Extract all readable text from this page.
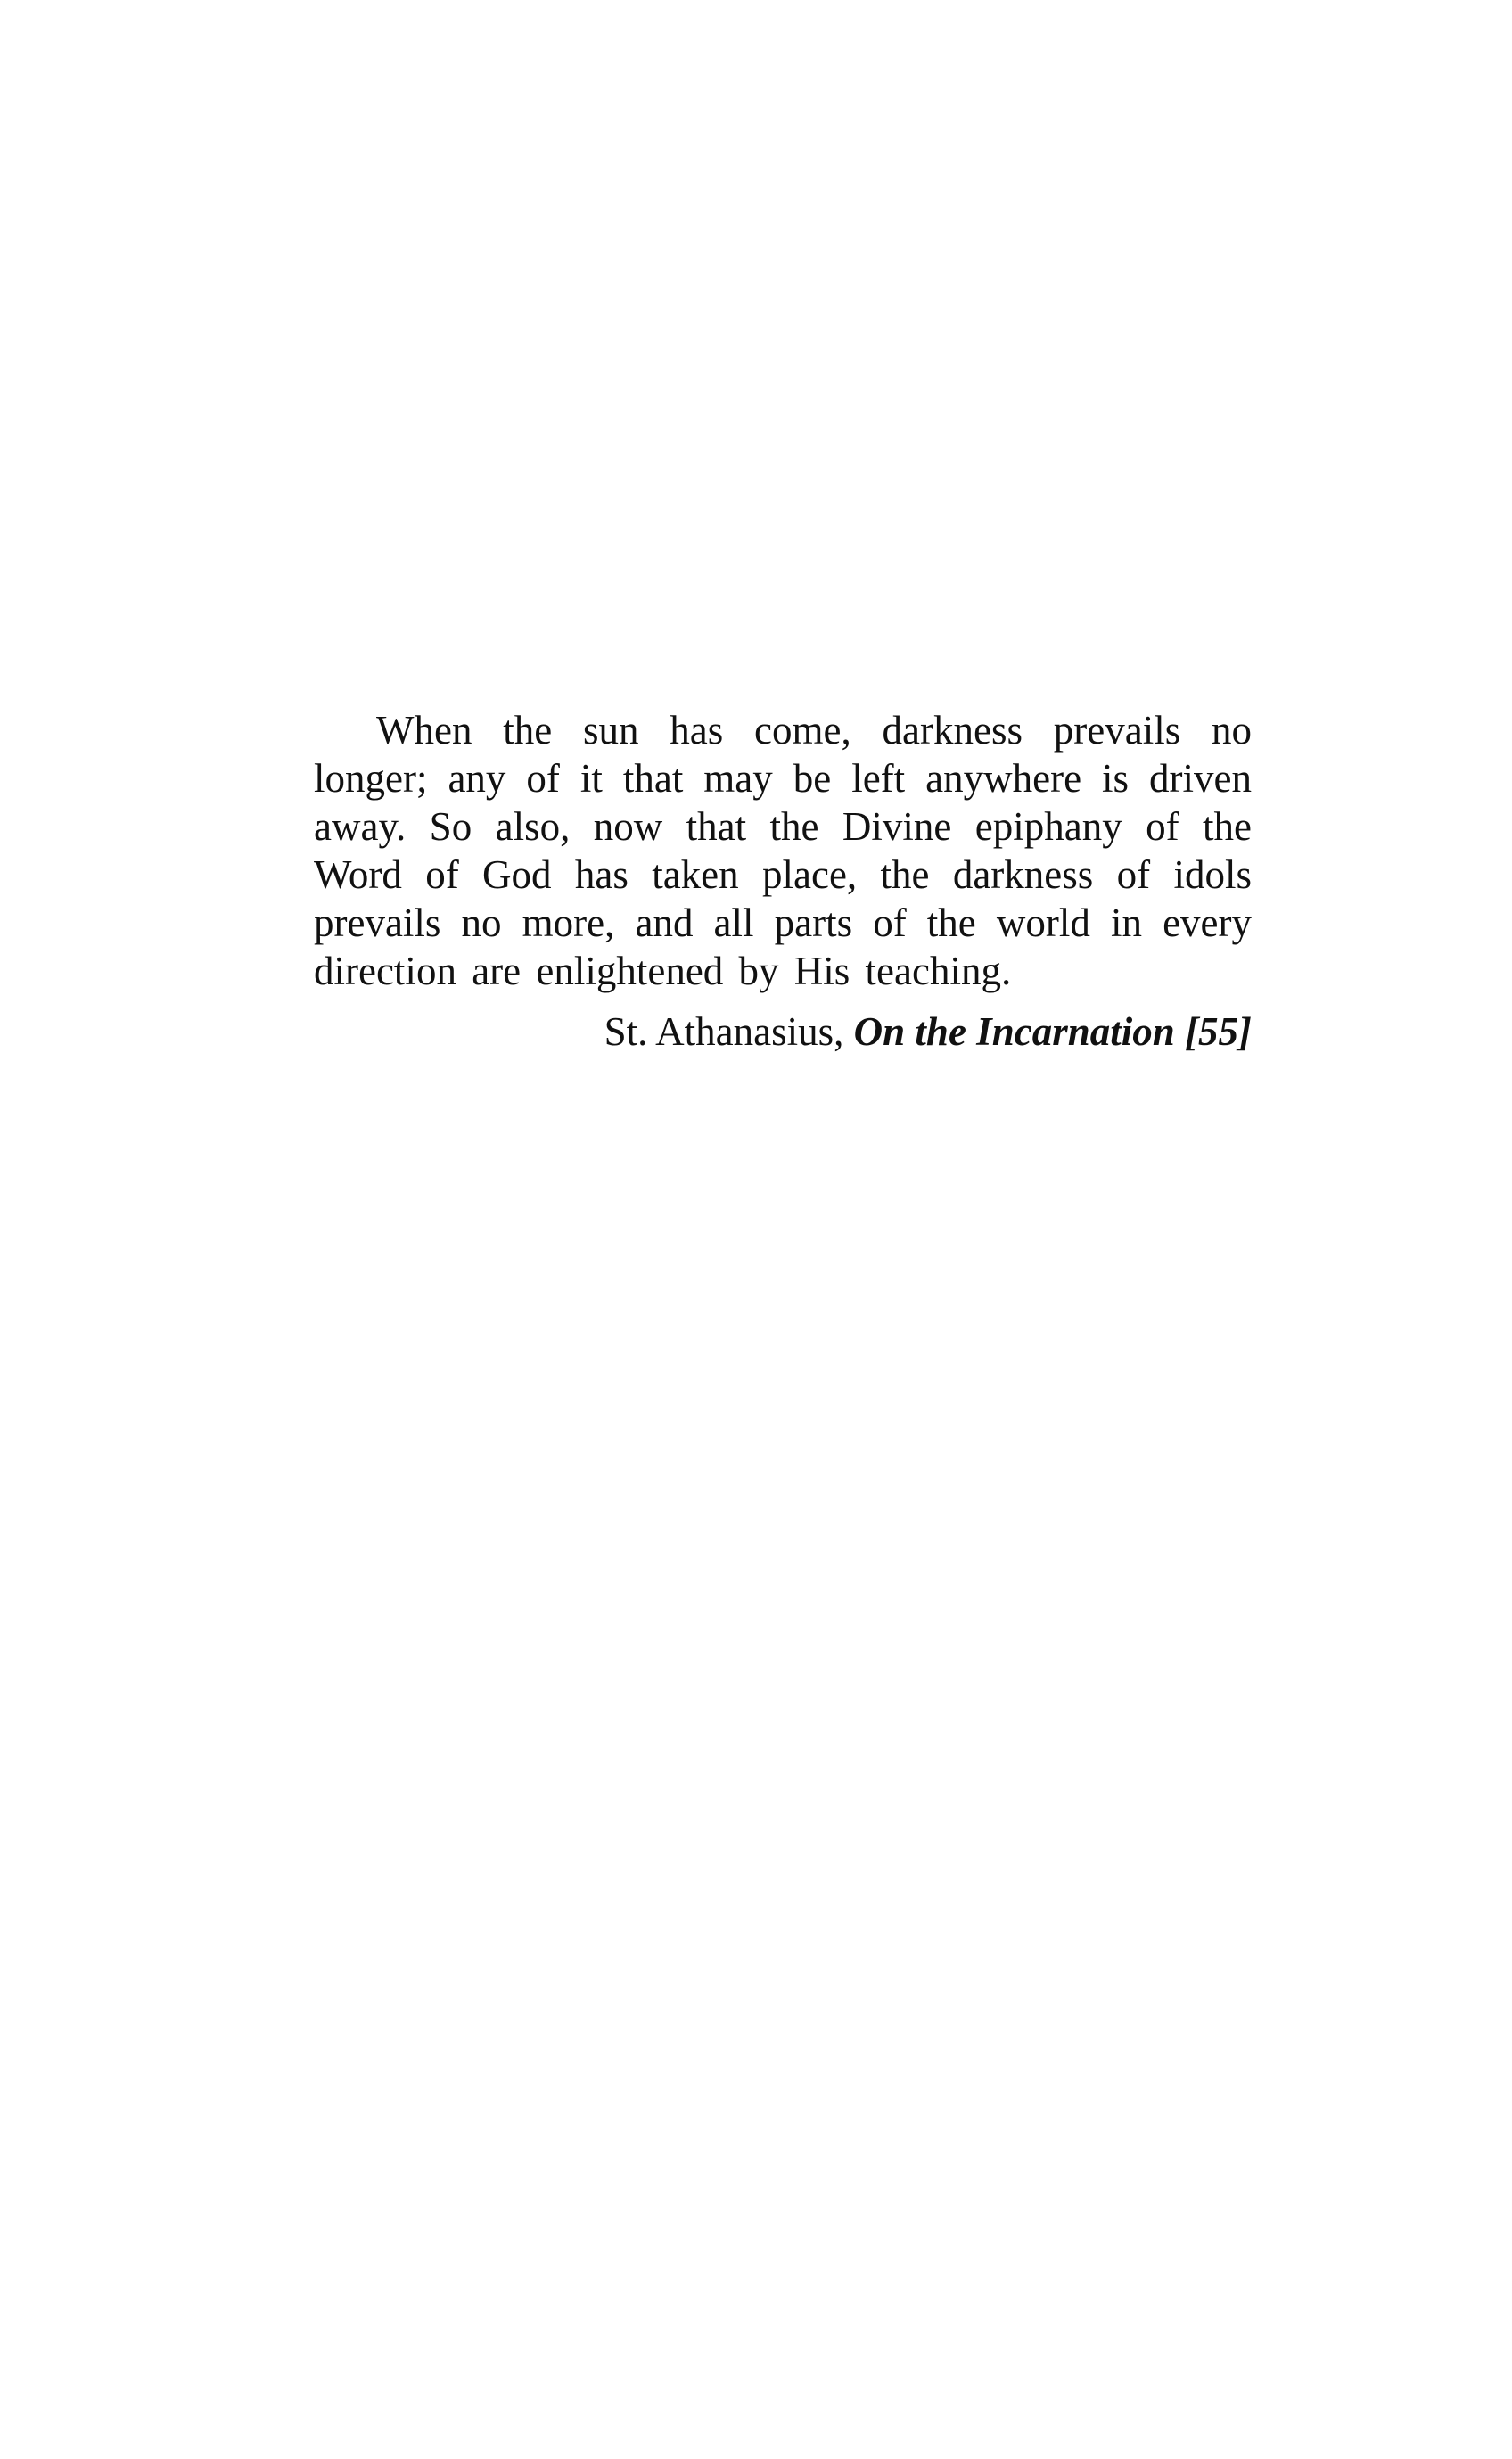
When the sun has come, darkness prevails no
longer; any of it that may be left anywhere is driven
away. So also, now that the Divine epiphany of the
Word of God has taken place, the darkness of idols
prevails no more, and all parts of the world in every
direction are enlightened by His teaching.
St. Athanasius, On the Incarnation [55]
